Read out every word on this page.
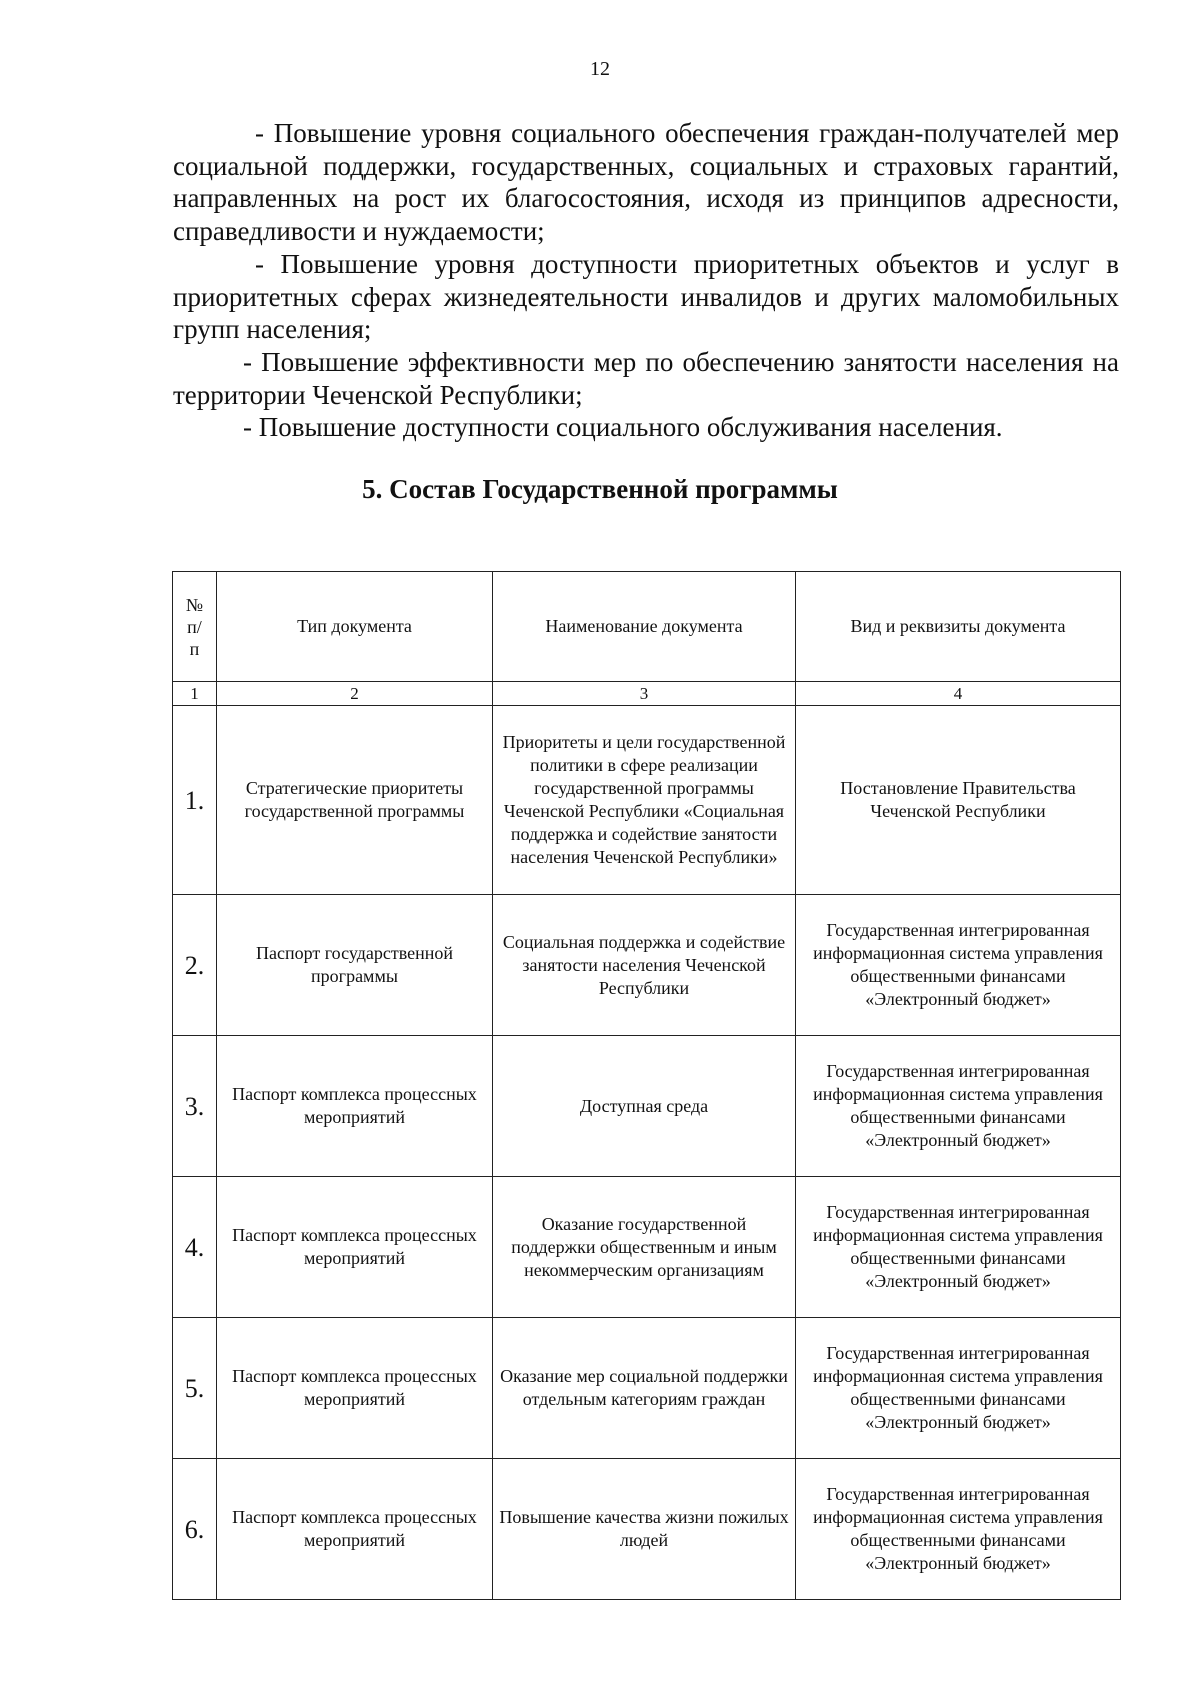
12

- Повышение уровня социального обеспечения граждан-получателей мер социальной поддержки, государственных, социальных и страховых гарантий, направленных на рост их благосостояния, исходя из принципов адресности, справедливости и нуждаемости;

- Повышение уровня доступности приоритетных объектов и услуг в приоритетных сферах жизнедеятельности инвалидов и других маломобильных групп населения;

- Повышение эффективности мер по обеспечению занятости населения на территории Чеченской Республики;

- Повышение доступности социального обслуживания населения.

5. Состав Государственной программы
№
п/
п	Тип документа	Наименование документа	Вид и реквизиты документа
1	2	3	4
1.	Стратегические приоритеты государственной программы	Приоритеты и цели государственной политики в сфере реализации государственной программы Чеченской Республики «Социальная поддержка и содействие занятости населения Чеченской Республики»	Постановление Правительства Чеченской Республики
2.	Паспорт государственной программы	Социальная поддержка и содействие занятости населения Чеченской Республики	Государственная интегрированная информационная система управления общественными финансами «Электронный бюджет»
3.	Паспорт комплекса процессных мероприятий	Доступная среда	Государственная интегрированная информационная система управления общественными финансами «Электронный бюджет»
4.	Паспорт комплекса процессных мероприятий	Оказание государственной поддержки общественным и иным некоммерческим организациям	Государственная интегрированная информационная система управления общественными финансами «Электронный бюджет»
5.	Паспорт комплекса процессных мероприятий	Оказание мер социальной поддержки отдельным категориям граждан	Государственная интегрированная информационная система управления общественными финансами «Электронный бюджет»
6.	Паспорт комплекса процессных мероприятий	Повышение качества жизни пожилых людей	Государственная интегрированная информационная система управления общественными финансами «Электронный бюджет»
